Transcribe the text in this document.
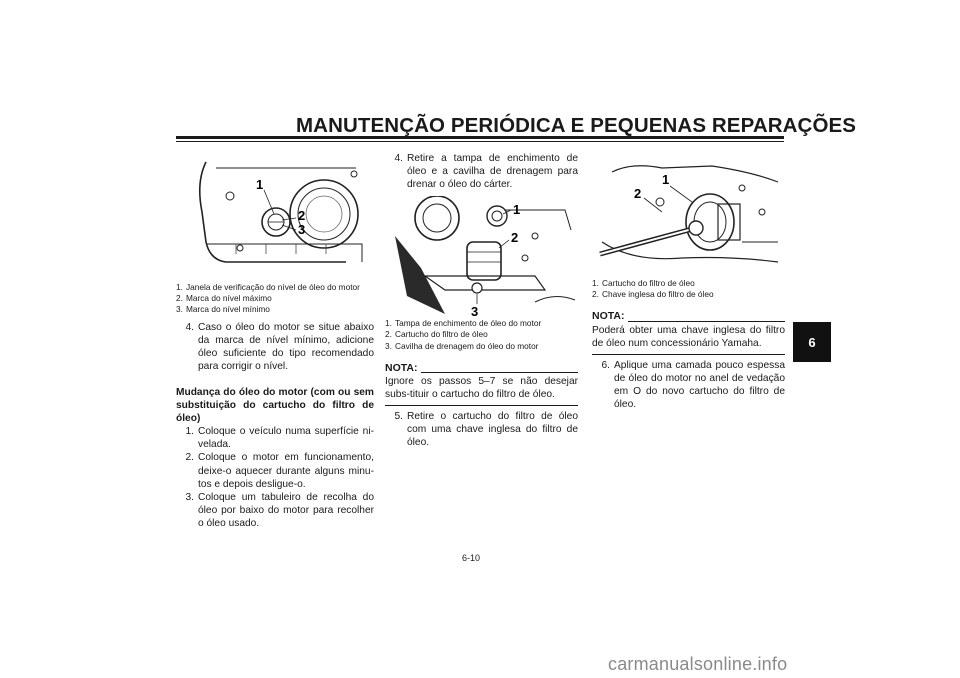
MANUTENÇÃO PERIÓDICA E PEQUENAS REPARAÇÕES
6
1
2
3
1. Janela de verificação do nível de óleo do motor
2. Marca do nível máximo
3. Marca do nível mínimo
4. Caso o óleo do motor se situe abaixo da marca de nível mínimo, adicione óleo suficiente do tipo recomendado para corrigir o nível.
Mudança do óleo do motor (com ou sem substituição do cartucho do filtro de óleo)
1. Coloque o veículo numa superfície ni-velada.
2. Coloque o motor em funcionamento, deixe-o aquecer durante alguns minu-tos e depois desligue-o.
3. Coloque um tabuleiro de recolha do óleo por baixo do motor para recolher o óleo usado.
4. Retire a tampa de enchimento de óleo e a cavilha de drenagem para drenar o óleo do cárter.
1
2
3
1. Tampa de enchimento de óleo do motor
2. Cartucho do filtro de óleo
3. Cavilha de drenagem do óleo do motor
NOTA:
Ignore os passos 5–7 se não desejar subs-tituir o cartucho do filtro de óleo.
5. Retire o cartucho do filtro de óleo com uma chave inglesa do filtro de óleo.
1
2
1. Cartucho do filtro de óleo
2. Chave inglesa do filtro de óleo
NOTA:
Poderá obter uma chave inglesa do filtro de óleo num concessionário Yamaha.
6. Aplique uma camada pouco espessa de óleo do motor no anel de vedação em O do novo cartucho do filtro de óleo.
6-10
carmanualsonline.info
